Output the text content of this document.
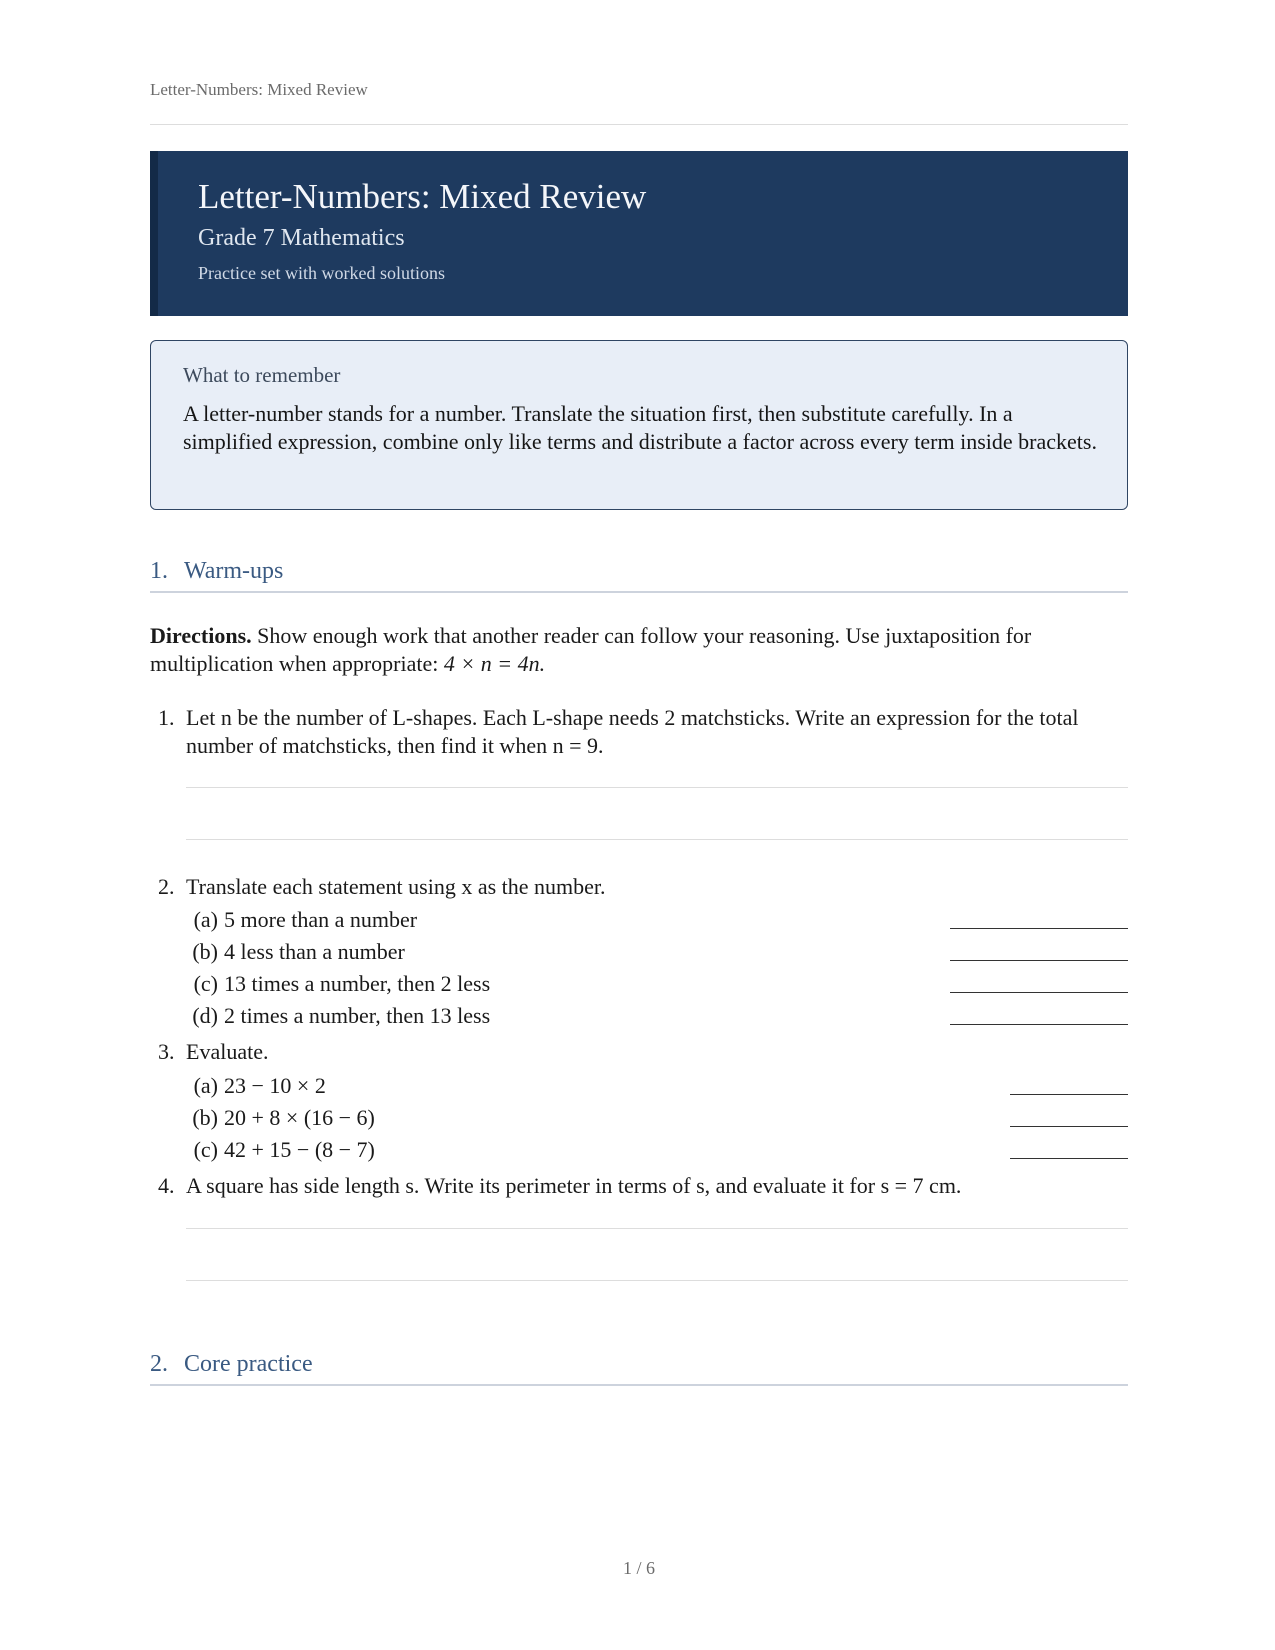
Letter-Numbers: Mixed Review
Letter-Numbers: Mixed Review
Grade 7 Mathematics
Practice set with worked solutions
What to remember
A letter-number stands for a number. Translate the situation first, then substitute carefully. In a simplified expression, combine only like terms and distribute a factor across every term inside brackets.
1. Warm-ups
Directions. Show enough work that another reader can follow your reasoning. Use juxtaposition for multiplication when appropriate: 4 × n = 4n.
1. Let n be the number of L-shapes. Each L-shape needs 2 matchsticks. Write an expression for the total number of matchsticks, then find it when n = 9.
2. Translate each statement using x as the number.
(a) 5 more than a number
(b) 4 less than a number
(c) 13 times a number, then 2 less
(d) 2 times a number, then 13 less
3. Evaluate.
(a) 23 − 10 × 2
(b) 20 + 8 × (16 − 6)
(c) 42 + 15 − (8 − 7)
4. A square has side length s. Write its perimeter in terms of s, and evaluate it for s = 7 cm.
2. Core practice
1 / 6
